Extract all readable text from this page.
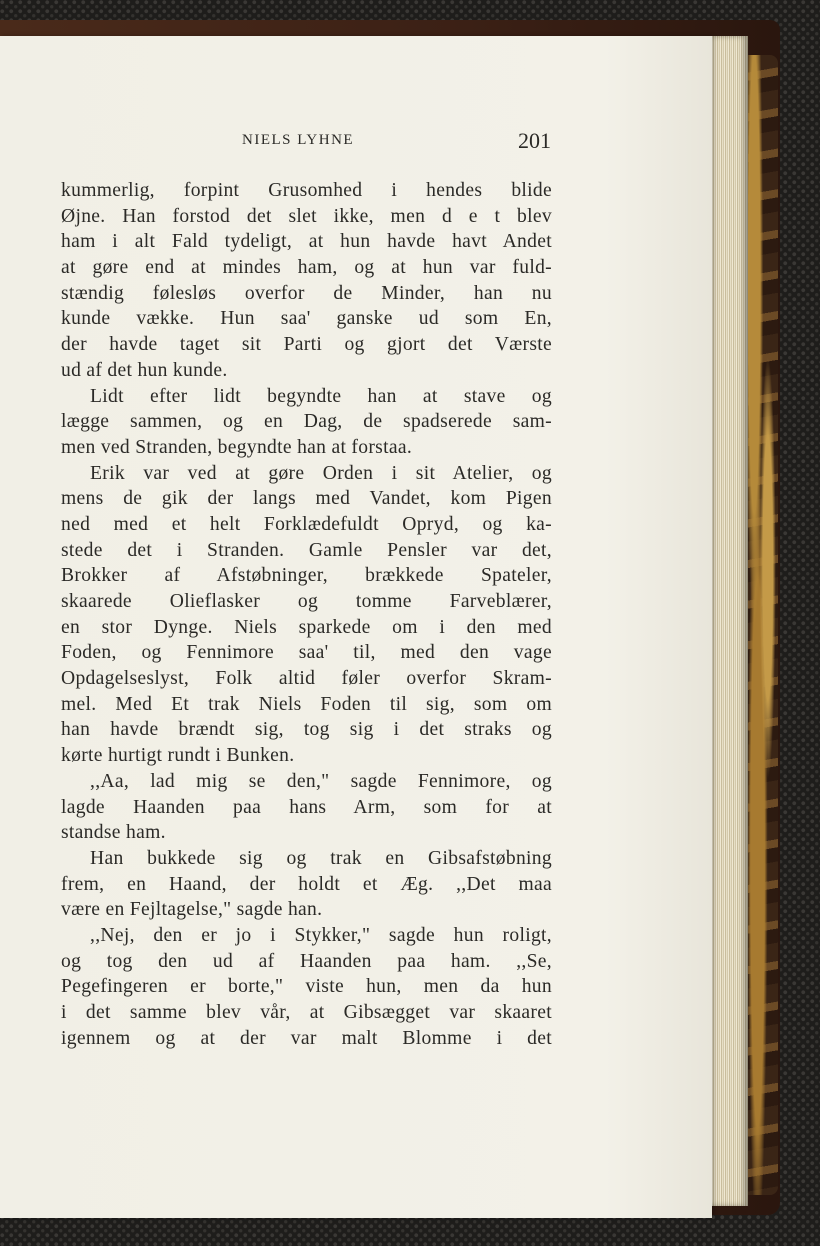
NIELS LYHNE	201

kummerlig, forpint Grusomhed i hendes blide

Øjne. Han forstod det slet ikke, men d e t blev

ham i alt Fald tydeligt, at hun havde havt Andet

at gøre end at mindes ham, og at hun var fuld-

stændig følesløs overfor de Minder, han nu

kunde vække. Hun saa' ganske ud som En,

der havde taget sit Parti og gjort det Værste

ud af det hun kunde.

Lidt efter lidt begyndte han at stave og

lægge sammen, og en Dag, de spadserede sam-

men ved Stranden, begyndte han at forstaa.

Erik var ved at gøre Orden i sit Atelier, og

mens de gik der langs med Vandet, kom Pigen

ned med et helt Forklædefuldt Opryd, og ka-

stede det i Stranden. Gamle Pensler var det,

Brokker af Afstøbninger, brækkede Spateler,

skaarede Olieflasker og tomme Farveblærer,

en stor Dynge. Niels sparkede om i den med

Foden, og Fennimore saa' til, med den vage

Opdagelseslyst, Folk altid føler overfor Skram-

mel. Med Et trak Niels Foden til sig, som om

han havde brændt sig, tog sig i det straks og

kørte hurtigt rundt i Bunken.

,,Aa, lad mig se den," sagde Fennimore, og

lagde Haanden paa hans Arm, som for at

standse ham.

Han bukkede sig og trak en Gibsafstøbning

frem, en Haand, der holdt et Æg. ,,Det maa

være en Fejltagelse," sagde han.

,,Nej, den er jo i Stykker," sagde hun roligt,

og tog den ud af Haanden paa ham. ,,Se,

Pegefingeren er borte," viste hun, men da hun

i det samme blev vår, at Gibsægget var skaaret

igennem og at der var malt Blomme i det
